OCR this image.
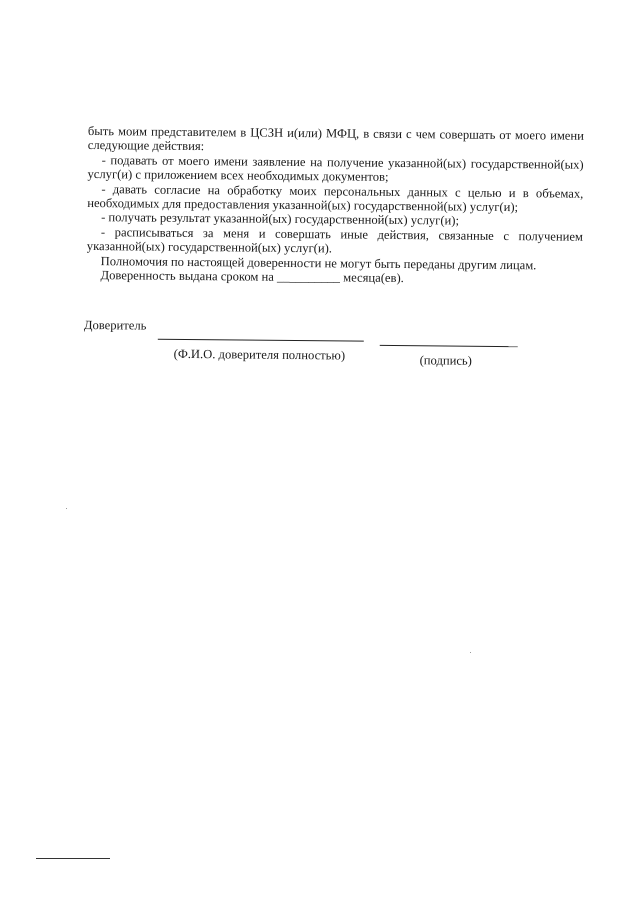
быть моим представителем в ЦСЗН и(или) МФЦ, в связи с чем совершать от моего имени следующие действия:

- подавать от моего имени заявление на получение указанной(ых) государственной(ых) услуг(и) с приложением всех необходимых документов;

- давать согласие на обработку моих персональных данных с целью и в объемах, необходимых для предоставления указанной(ых) государственной(ых) услуг(и);

- получать результат указанной(ых) государственной(ых) услуг(и);

- расписываться за меня и совершать иные действия, связанные с получением указанной(ых) государственной(ых) услуг(и).

Полномочия по настоящей доверенности не могут быть переданы другим лицам.

Доверенность выдана сроком на __________ месяца(ев).

Доверитель
(Ф.И.О. доверителя полностью)	(подпись)
